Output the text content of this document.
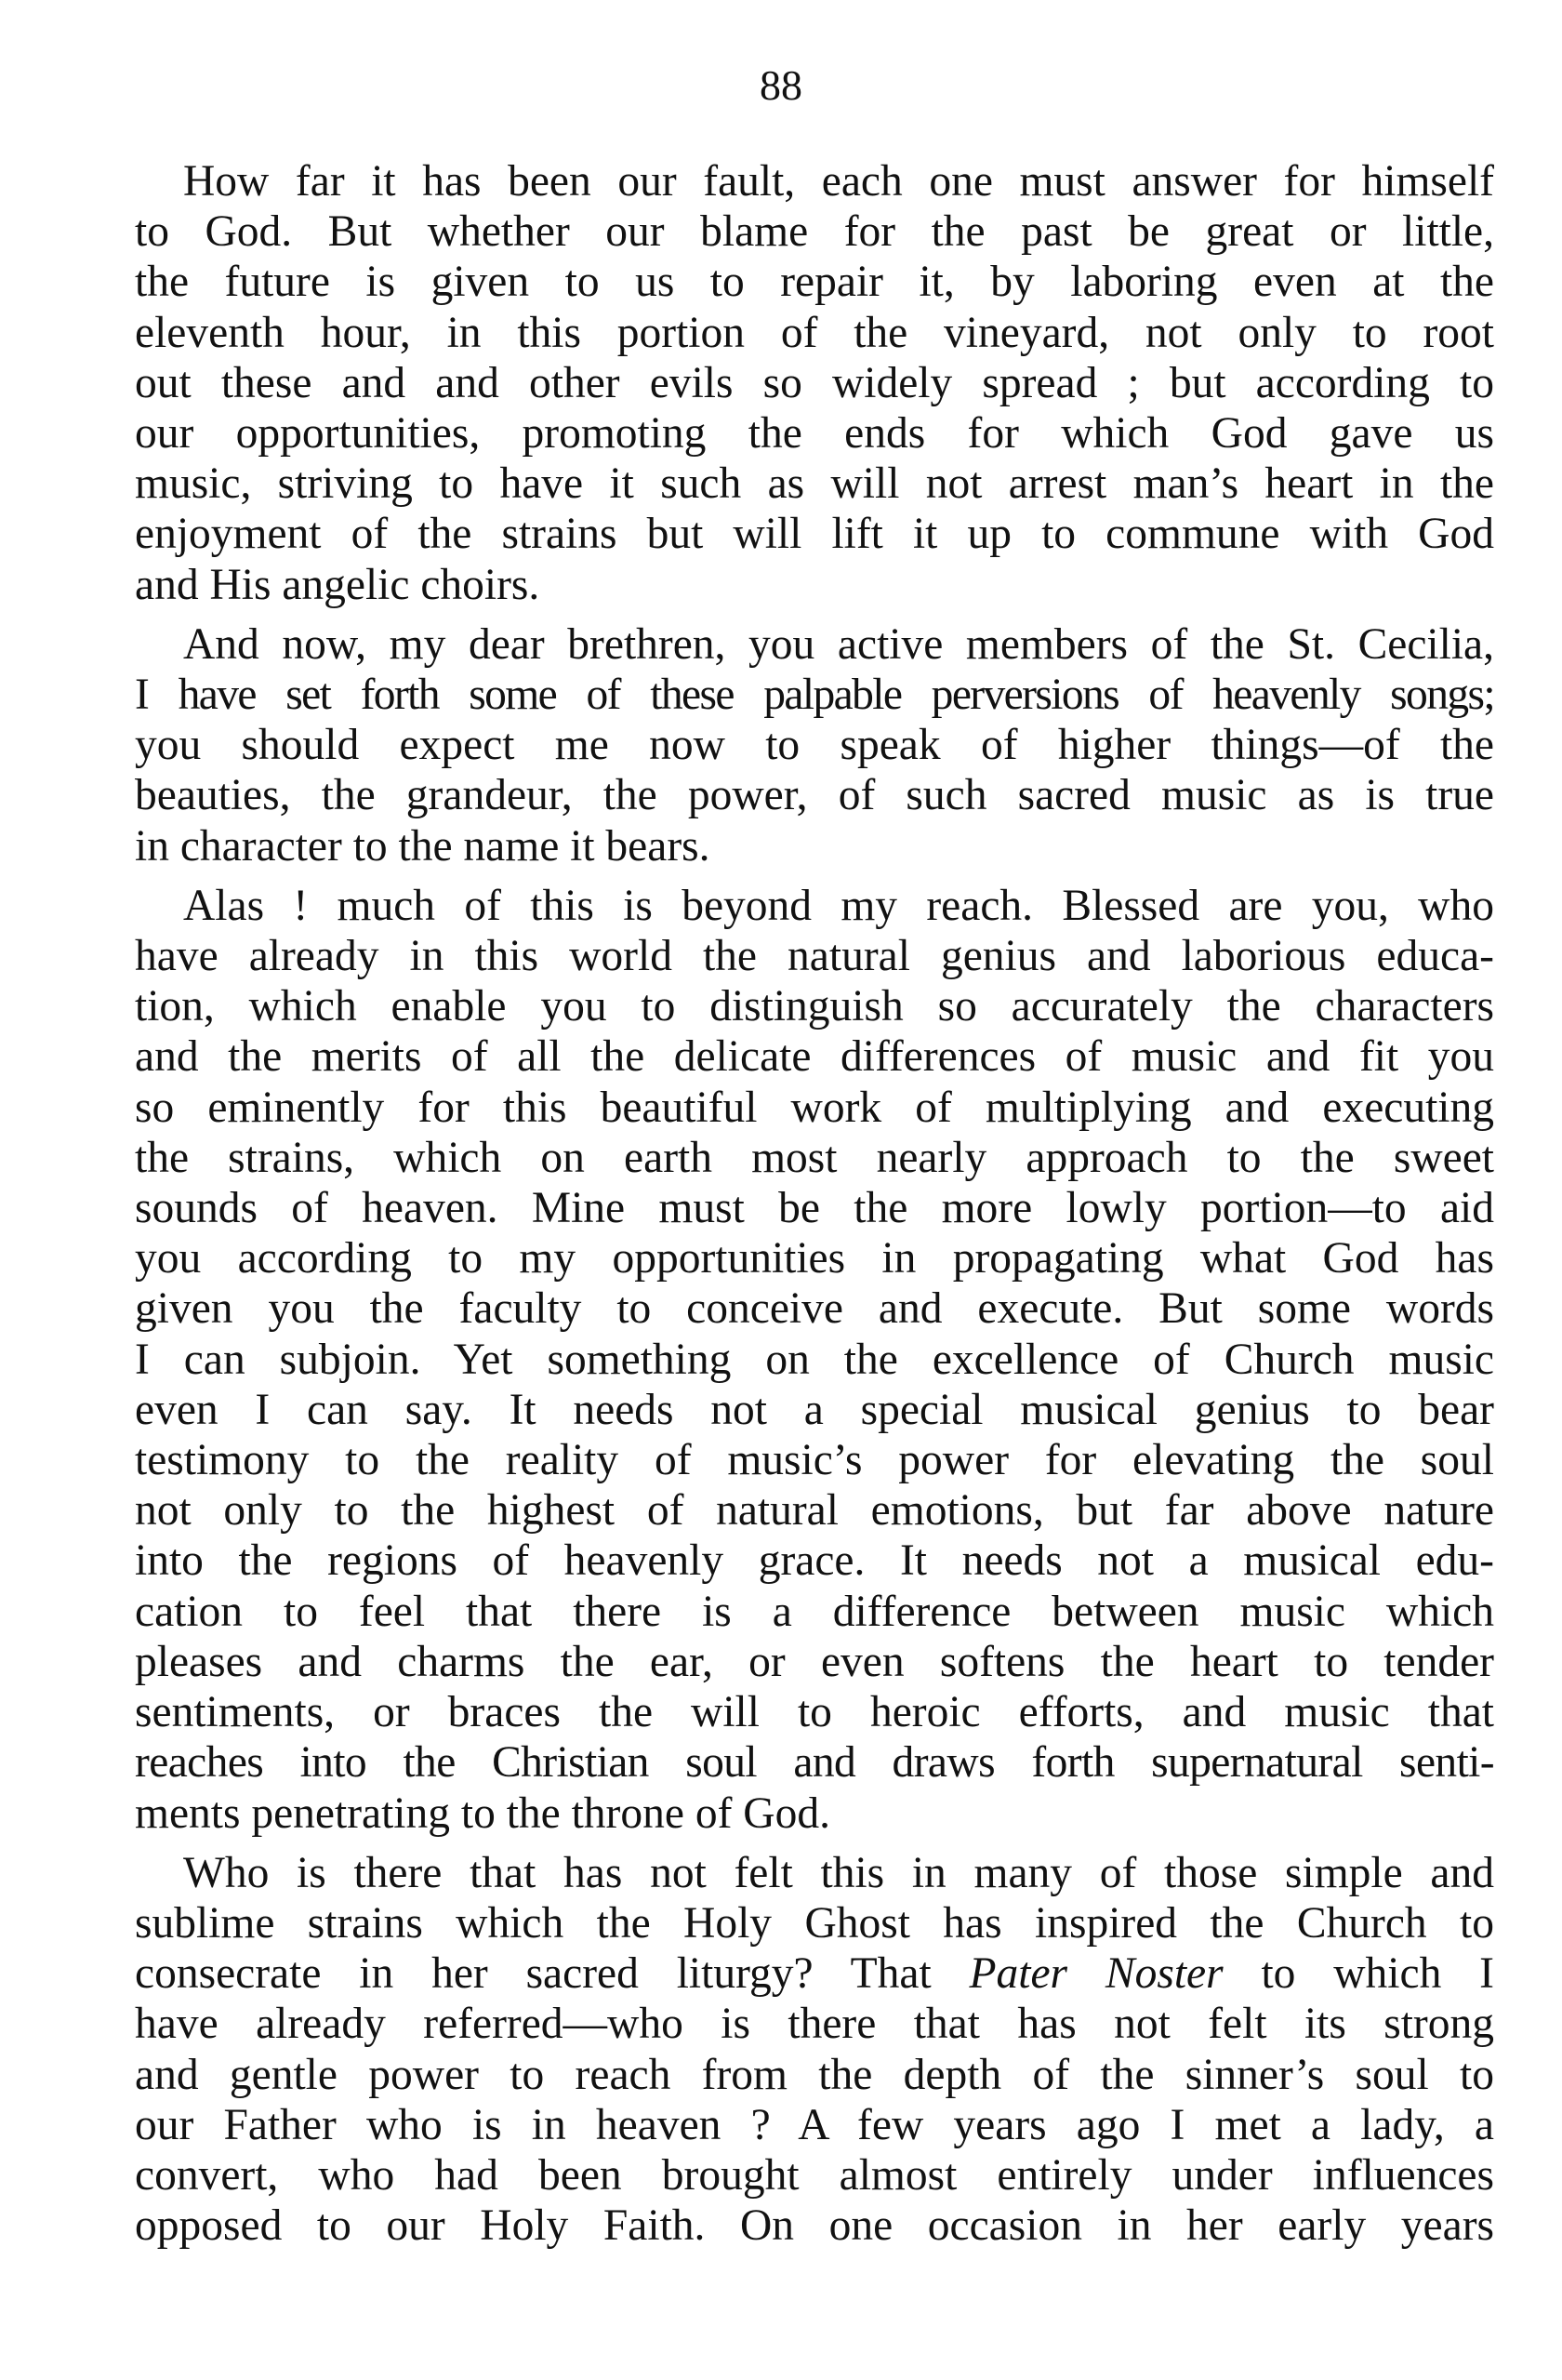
88
How far it has been our fault, each one must answer for himself
to God. But whether our blame for the past be great or little,
the future is given to us to repair it, by laboring even at the
eleventh hour, in this portion of the vineyard, not only to root
out these and and other evils so widely spread ; but according to
our opportunities, promoting the ends for which God gave us
music, striving to have it such as will not arrest man’s heart in the
enjoyment of the strains but will lift it up to commune with God
and His angelic choirs.
And now, my dear brethren, you active members of the St. Cecilia,
I have set forth some of these palpable perversions of heavenly songs;
you should expect me now to speak of higher things—of the
beauties, the grandeur, the power, of such sacred music as is true
in character to the name it bears.
Alas ! much of this is beyond my reach. Blessed are you, who
have already in this world the natural genius and laborious educa-
tion, which enable you to distinguish so accurately the characters
and the merits of all the delicate differences of music and fit you
so eminently for this beautiful work of multiplying and executing
the strains, which on earth most nearly approach to the sweet
sounds of heaven. Mine must be the more lowly portion—to aid
you according to my opportunities in propagating what God has
given you the faculty to conceive and execute. But some words
I can subjoin. Yet something on the excellence of Church music
even I can say. It needs not a special musical genius to bear
testimony to the reality of music’s power for elevating the soul
not only to the highest of natural emotions, but far above nature
into the regions of heavenly grace. It needs not a musical edu-
cation to feel that there is a difference between music which
pleases and charms the ear, or even softens the heart to tender
sentiments, or braces the will to heroic efforts, and music that
reaches into the Christian soul and draws forth supernatural senti-
ments penetrating to the throne of God.
Who is there that has not felt this in many of those simple and
sublime strains which the Holy Ghost has inspired the Church to
consecrate in her sacred liturgy? That Pater Noster to which I
have already referred—who is there that has not felt its strong
and gentle power to reach from the depth of the sinner’s soul to
our Father who is in heaven ? A few years ago I met a lady, a
convert, who had been brought almost entirely under influences
opposed to our Holy Faith. On one occasion in her early years
